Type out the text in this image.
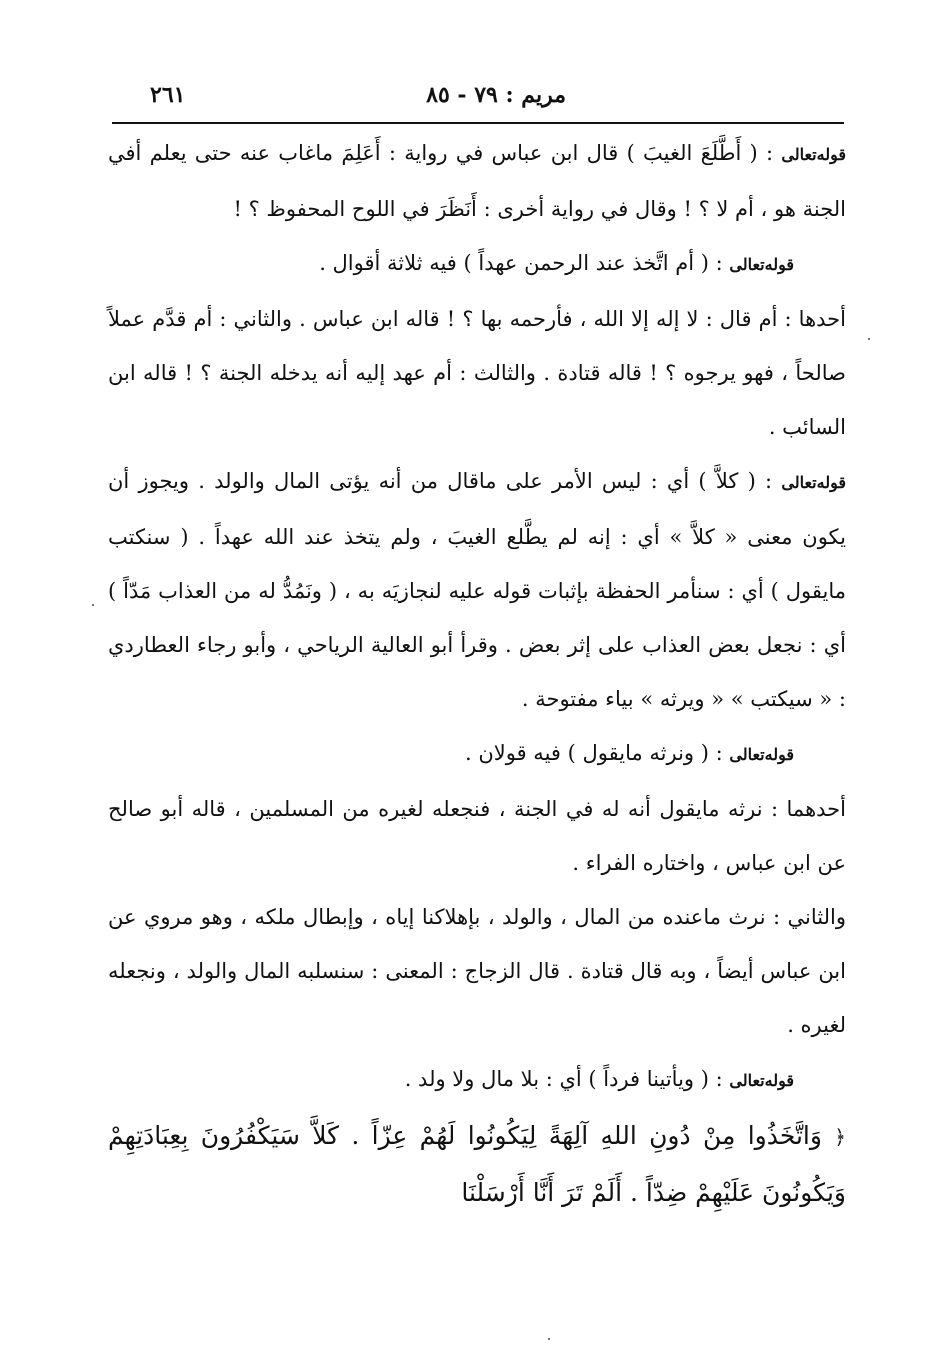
مريم : ٧٩ - ٨٥
٢٦١

قوله‌تعالى : ( أَطَّلَعَ الغيبَ ) قال ابن عباس في رواية : أَعَلِمَ ماغاب عنه حتى يعلم أفي الجنة هو ، أم لا ؟ ! وقال في رواية أخرى : أَنَظَرَ في اللوح المحفوظ ؟ !

قوله‌تعالى : ( أم اتَّخذ عند الرحمن عهداً ) فيه ثلاثة أقوال .

أحدها : أم قال : لا إله إلا الله ، فأرحمه بها ؟ ! قاله ابن عباس . والثاني : أم قدَّم عملاً صالحاً ، فهو يرجوه ؟ ! قاله قتادة . والثالث : أم عهد إليه أنه يدخله الجنة ؟ ! قاله ابن السائب .

قوله‌تعالى : ( كلاَّ ) أي : ليس الأمر على ماقال من أنه يؤتى المال والولد . ويجوز أن يكون معنى « كلاَّ » أي : إنه لم يطَّلع الغيبَ ، ولم يتخذ عند الله عهداً . ( سنكتب مايقول ) أي : سنأمر الحفظة بإثبات قوله عليه لنجازيَه به ، ( ونَمُدُّ له من العذاب مَدّاً ) أي : نجعل بعض العذاب على إثر بعض . وقرأ أبو العالية الرياحي ، وأبو رجاء العطاردي : « سيكتب » « ويرثه » بياء مفتوحة .

قوله‌تعالى : ( ونرثه مايقول ) فيه قولان .

أحدهما : نرثه مايقول أنه له في الجنة ، فنجعله لغيره من المسلمين ، قاله أبو صالح عن ابن عباس ، واختاره الفراء .

والثاني : نرث ماعنده من المال ، والولد ، بإهلاكنا إياه ، وإبطال ملكه ، وهو مروي عن ابن عباس أيضاً ، وبه قال قتادة . قال الزجاج : المعنى : سنسلبه المال والولد ، ونجعله لغيره .

قوله‌تعالى : ( ويأتينا فرداً ) أي : بلا مال ولا ولد .

﴿ وَاتَّخَذُوا مِنْ دُونِ اللهِ آلِهَةً لِيَكُونُوا لَهُمْ عِزّاً . كَلاَّ سَيَكْفُرُونَ بِعِبَادَتِهِمْ وَيَكُونُونَ عَلَيْهِمْ ضِدّاً . أَلَمْ تَرَ أَنَّا أَرْسَلْنَا
